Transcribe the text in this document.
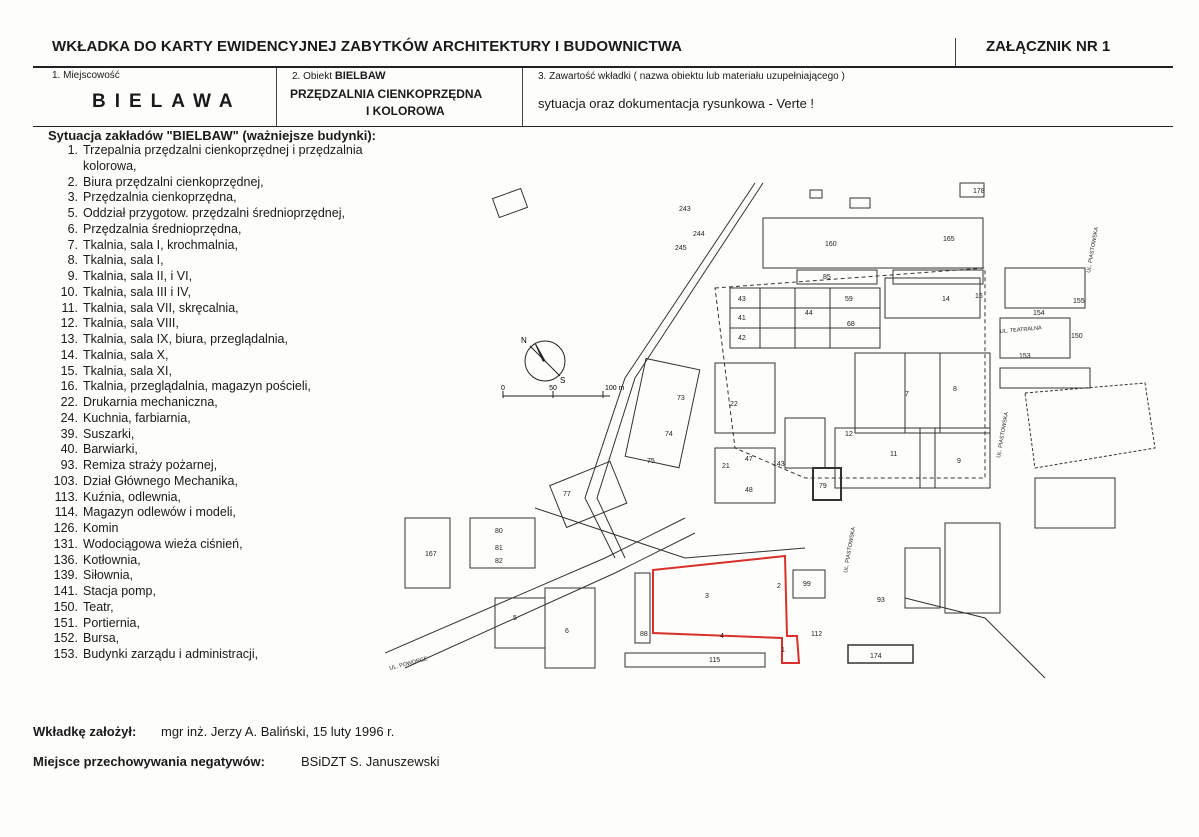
WKŁADKA DO KARTY EWIDENCYJNEJ ZABYTKÓW ARCHITEKTURY I BUDOWNICTWA	ZAŁĄCZNIK NR 1
1. Miejscowość
BIELAWA
2. Obiekt BIELBAW
PRZĘDZALNIA CIENKOPRZĘDNA
I KOLOROWA
3. Zawartość wkładki ( nazwa obiektu lub materiału uzupełniającego )
sytuacja oraz dokumentacja rysunkowa - Verte !
Sytuacja zakładów "BIELBAW" (ważniejsze budynki):
1. Trzepalnia przędzalni cienkoprzędnej i przędzalnia
kolorowa,
2. Biura przędzalni cienkoprzędnej,
3. Przędzalnia cienkoprzędna,
5. Oddział przygotow. przędzalni średnioprzędnej,
6. Przędzalnia średnioprzędna,
7. Tkalnia, sala I, krochmalnia,
8. Tkalnia, sala I,
9. Tkalnia, sala II, i VI,
10. Tkalnia, sala III i IV,
11. Tkalnia, sala VII, skręcalnia,
12. Tkalnia, sala VIII,
13. Tkalnia, sala IX, biura, przeglądalnia,
14. Tkalnia, sala X,
15. Tkalnia, sala XI,
16. Tkalnia, przeglądalnia, magazyn pościeli,
22. Drukarnia mechaniczna,
24. Kuchnia, farbiarnia,
39. Suszarki,
40. Barwiarki,
93. Remiza straży pożarnej,
103. Dział Głównego Mechanika,
113. Kuźnia, odlewnia,
114. Magazyn odlewów i modeli,
126. Komin
131. Wodociągowa wieża ciśnień,
136. Kotłownia,
139. Siłownia,
141. Stacja pomp,
150. Teatr,
151. Portiernia,
152. Bursa,
153. Budynki zarządu i administracji,
0	50	100 m
N
S
160
178
165
243
244
245
85
14	15
43
41
42
44
59
68
7
8
9
11
12
22
73
74
75
77
79
3
4
2
1
5
6
80
81
82
88
99
93
112
174
115
167
154
153
150
155
47
48
21	143
UL. PIASTOWSKA
UL. TEATRALNA
UL. PIASTOWSKA
UL. PIASTOWSKA
UL. POWORCE
Wkładkę założył: mgr inż. Jerzy A. Baliński, 15 luty 1996 r.
Miejsce przechowywania negatywów:	BSiDZT S. Januszewski
